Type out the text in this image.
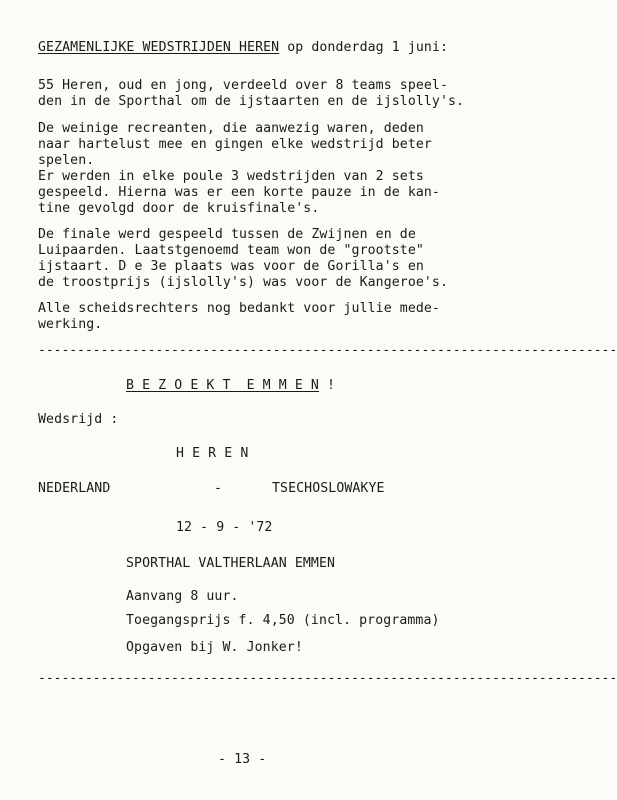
GEZAMENLIJKE WEDSTRIJDEN HEREN op donderdag 1 juni:
55 Heren, oud en jong, verdeeld over 8 teams speel-
den in de Sporthal om de ijstaarten en de ijslolly's.
De weinige recreanten, die aanwezig waren, deden
naar hartelust mee en gingen elke wedstrijd beter
spelen.
Er werden in elke poule 3 wedstrijden van 2 sets
gespeeld. Hierna was er een korte pauze in de kan-
tine gevolgd door de kruisfinale's.
De finale werd gespeeld tussen de Zwijnen en de
Luipaarden. Laatstgenoemd team won de "grootste"
ijstaart. D e 3e plaats was voor de Gorilla's en
de troostprijs (ijslolly's) was voor de Kangeroe's.
Alle scheidsrechters nog bedankt voor jullie mede-
werking.
--------------------------------------------------------------------------
B E Z O E K T  E M M E N !
Wedsrijd :
H E R E N
NEDERLAND	-	TSECHOSLOWAKYE
12 - 9 - '72
SPORTHAL VALTHERLAAN EMMEN
Aanvang 8 uur.
Toegangsprijs f. 4,50 (incl. programma)
Opgaven bij W. Jonker!
--------------------------------------------------------------------------
- 13 -
